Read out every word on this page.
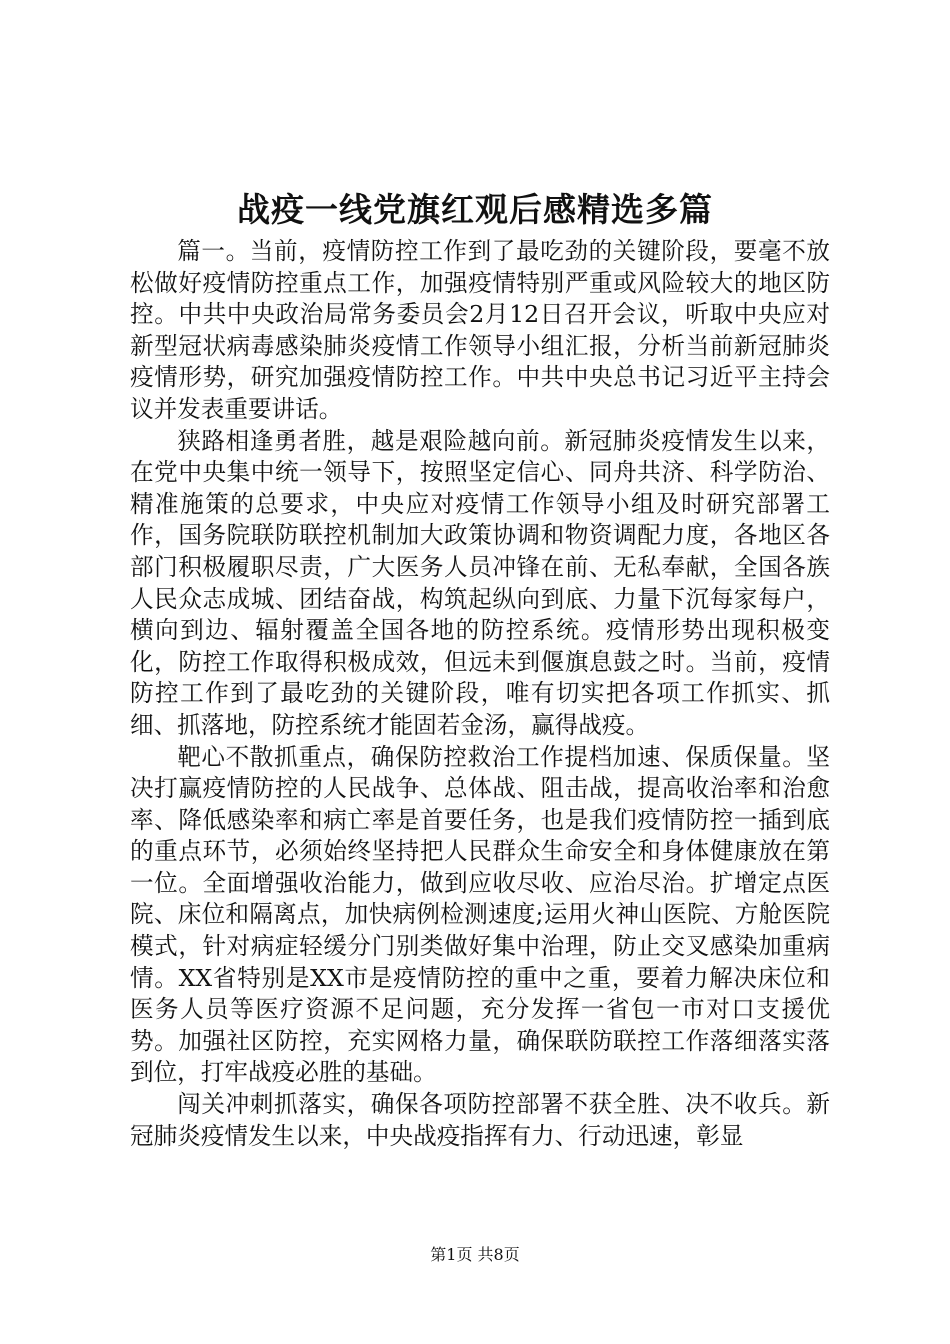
战疫一线党旗红观后感精选多篇

篇一。当前，疫情防控工作到了最吃劲的关键阶段，要毫不放松做好疫情防控重点工作，加强疫情特别严重或风险较大的地区防控。中共中央政治局常务委员会2月12日召开会议，听取中央应对新型冠状病毒感染肺炎疫情工作领导小组汇报，分析当前新冠肺炎疫情形势，研究加强疫情防控工作。中共中央总书记习近平主持会议并发表重要讲话。

狭路相逢勇者胜，越是艰险越向前。新冠肺炎疫情发生以来，在党中央集中统一领导下，按照坚定信心、同舟共济、科学防治、精准施策的总要求，中央应对疫情工作领导小组及时研究部署工作，国务院联防联控机制加大政策协调和物资调配力度，各地区各部门积极履职尽责，广大医务人员冲锋在前、无私奉献，全国各族人民众志成城、团结奋战，构筑起纵向到底、力量下沉每家每户，横向到边、辐射覆盖全国各地的防控系统。疫情形势出现积极变化，防控工作取得积极成效，但远未到偃旗息鼓之时。当前，疫情防控工作到了最吃劲的关键阶段，唯有切实把各项工作抓实、抓细、抓落地，防控系统才能固若金汤，赢得战疫。

靶心不散抓重点，确保防控救治工作提档加速、保质保量。坚决打赢疫情防控的人民战争、总体战、阻击战，提高收治率和治愈率、降低感染率和病亡率是首要任务，也是我们疫情防控一插到底的重点环节，必须始终坚持把人民群众生命安全和身体健康放在第一位。全面增强收治能力，做到应收尽收、应治尽治。扩增定点医院、床位和隔离点，加快病例检测速度;运用火神山医院、方舱医院模式，针对病症轻缓分门别类做好集中治理，防止交叉感染加重病情。XX省特别是XX市是疫情防控的重中之重，要着力解决床位和医务人员等医疗资源不足问题，充分发挥一省包一市对口支援优势。加强社区防控，充实网格力量，确保联防联控工作落细落实落到位，打牢战疫必胜的基础。

闯关冲刺抓落实，确保各项防控部署不获全胜、决不收兵。新冠肺炎疫情发生以来，中央战疫指挥有力、行动迅速，彰显

第1页 共8页
